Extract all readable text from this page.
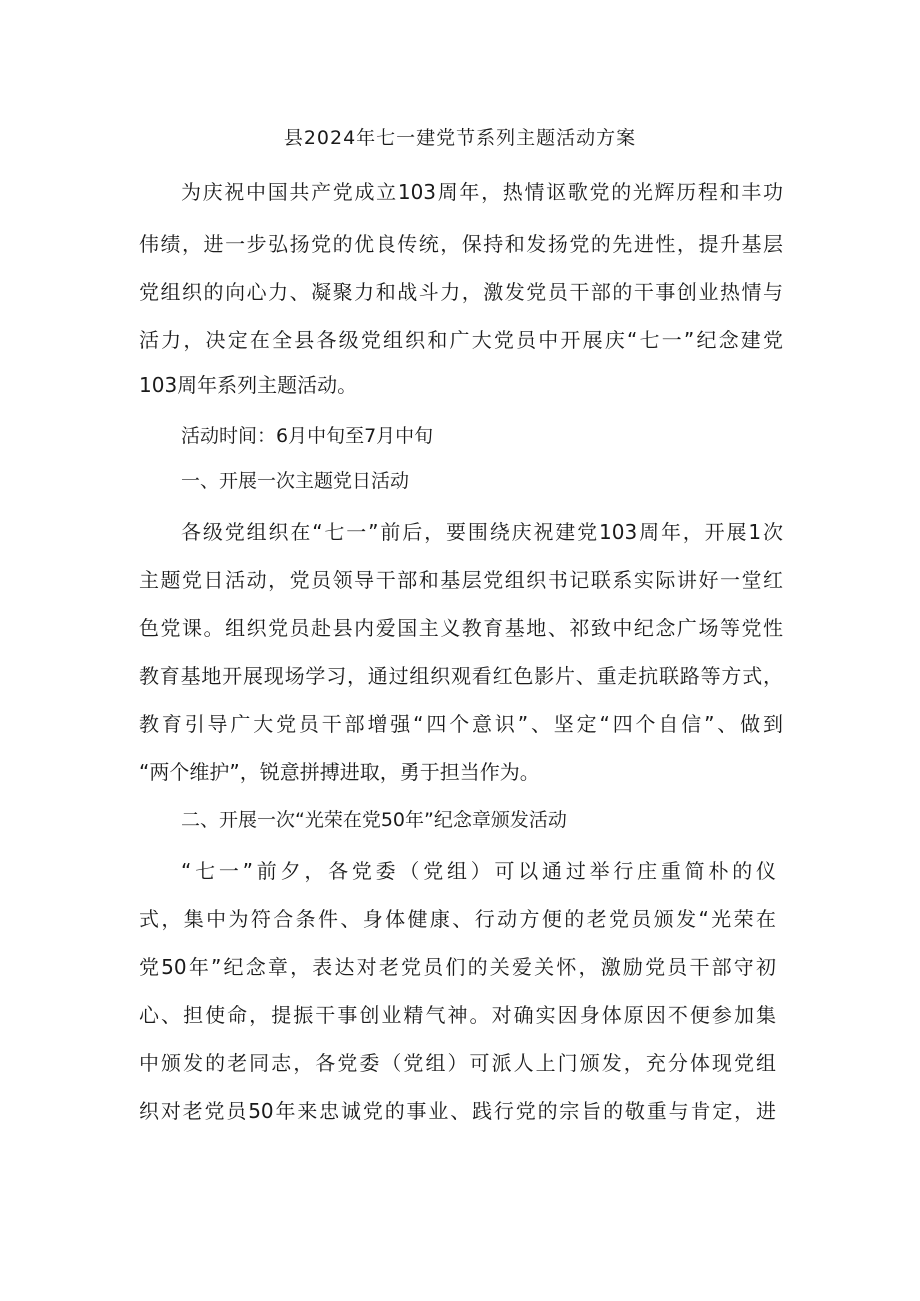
县2024年七一建党节系列主题活动方案
为庆祝中国共产党成立103周年，热情讴歌党的光辉历程和丰功
伟绩，进一步弘扬党的优良传统，保持和发扬党的先进性，提升基层
党组织的向心力、凝聚力和战斗力，激发党员干部的干事创业热情与
活力，决定在全县各级党组织和广大党员中开展庆“七一”纪念建党
103周年系列主题活动。
活动时间：6月中旬至7月中旬
一、开展一次主题党日活动
各级党组织在“七一”前后，要围绕庆祝建党103周年，开展1次
主题党日活动，党员领导干部和基层党组织书记联系实际讲好一堂红
色党课。组织党员赴县内爱国主义教育基地、祁致中纪念广场等党性
教育基地开展现场学习，通过组织观看红色影片、重走抗联路等方式，
教育引导广大党员干部增强“四个意识”、坚定“四个自信”、做到
“两个维护”，锐意拼搏进取，勇于担当作为。
二、开展一次“光荣在党50年”纪念章颁发活动
“七一”前夕，各党委（党组）可以通过举行庄重简朴的仪
式，集中为符合条件、身体健康、行动方便的老党员颁发“光荣在
党50年”纪念章，表达对老党员们的关爱关怀，激励党员干部守初
心、担使命，提振干事创业精气神。对确实因身体原因不便参加集
中颁发的老同志，各党委（党组）可派人上门颁发，充分体现党组
织对老党员50年来忠诚党的事业、践行党的宗旨的敬重与肯定，进
